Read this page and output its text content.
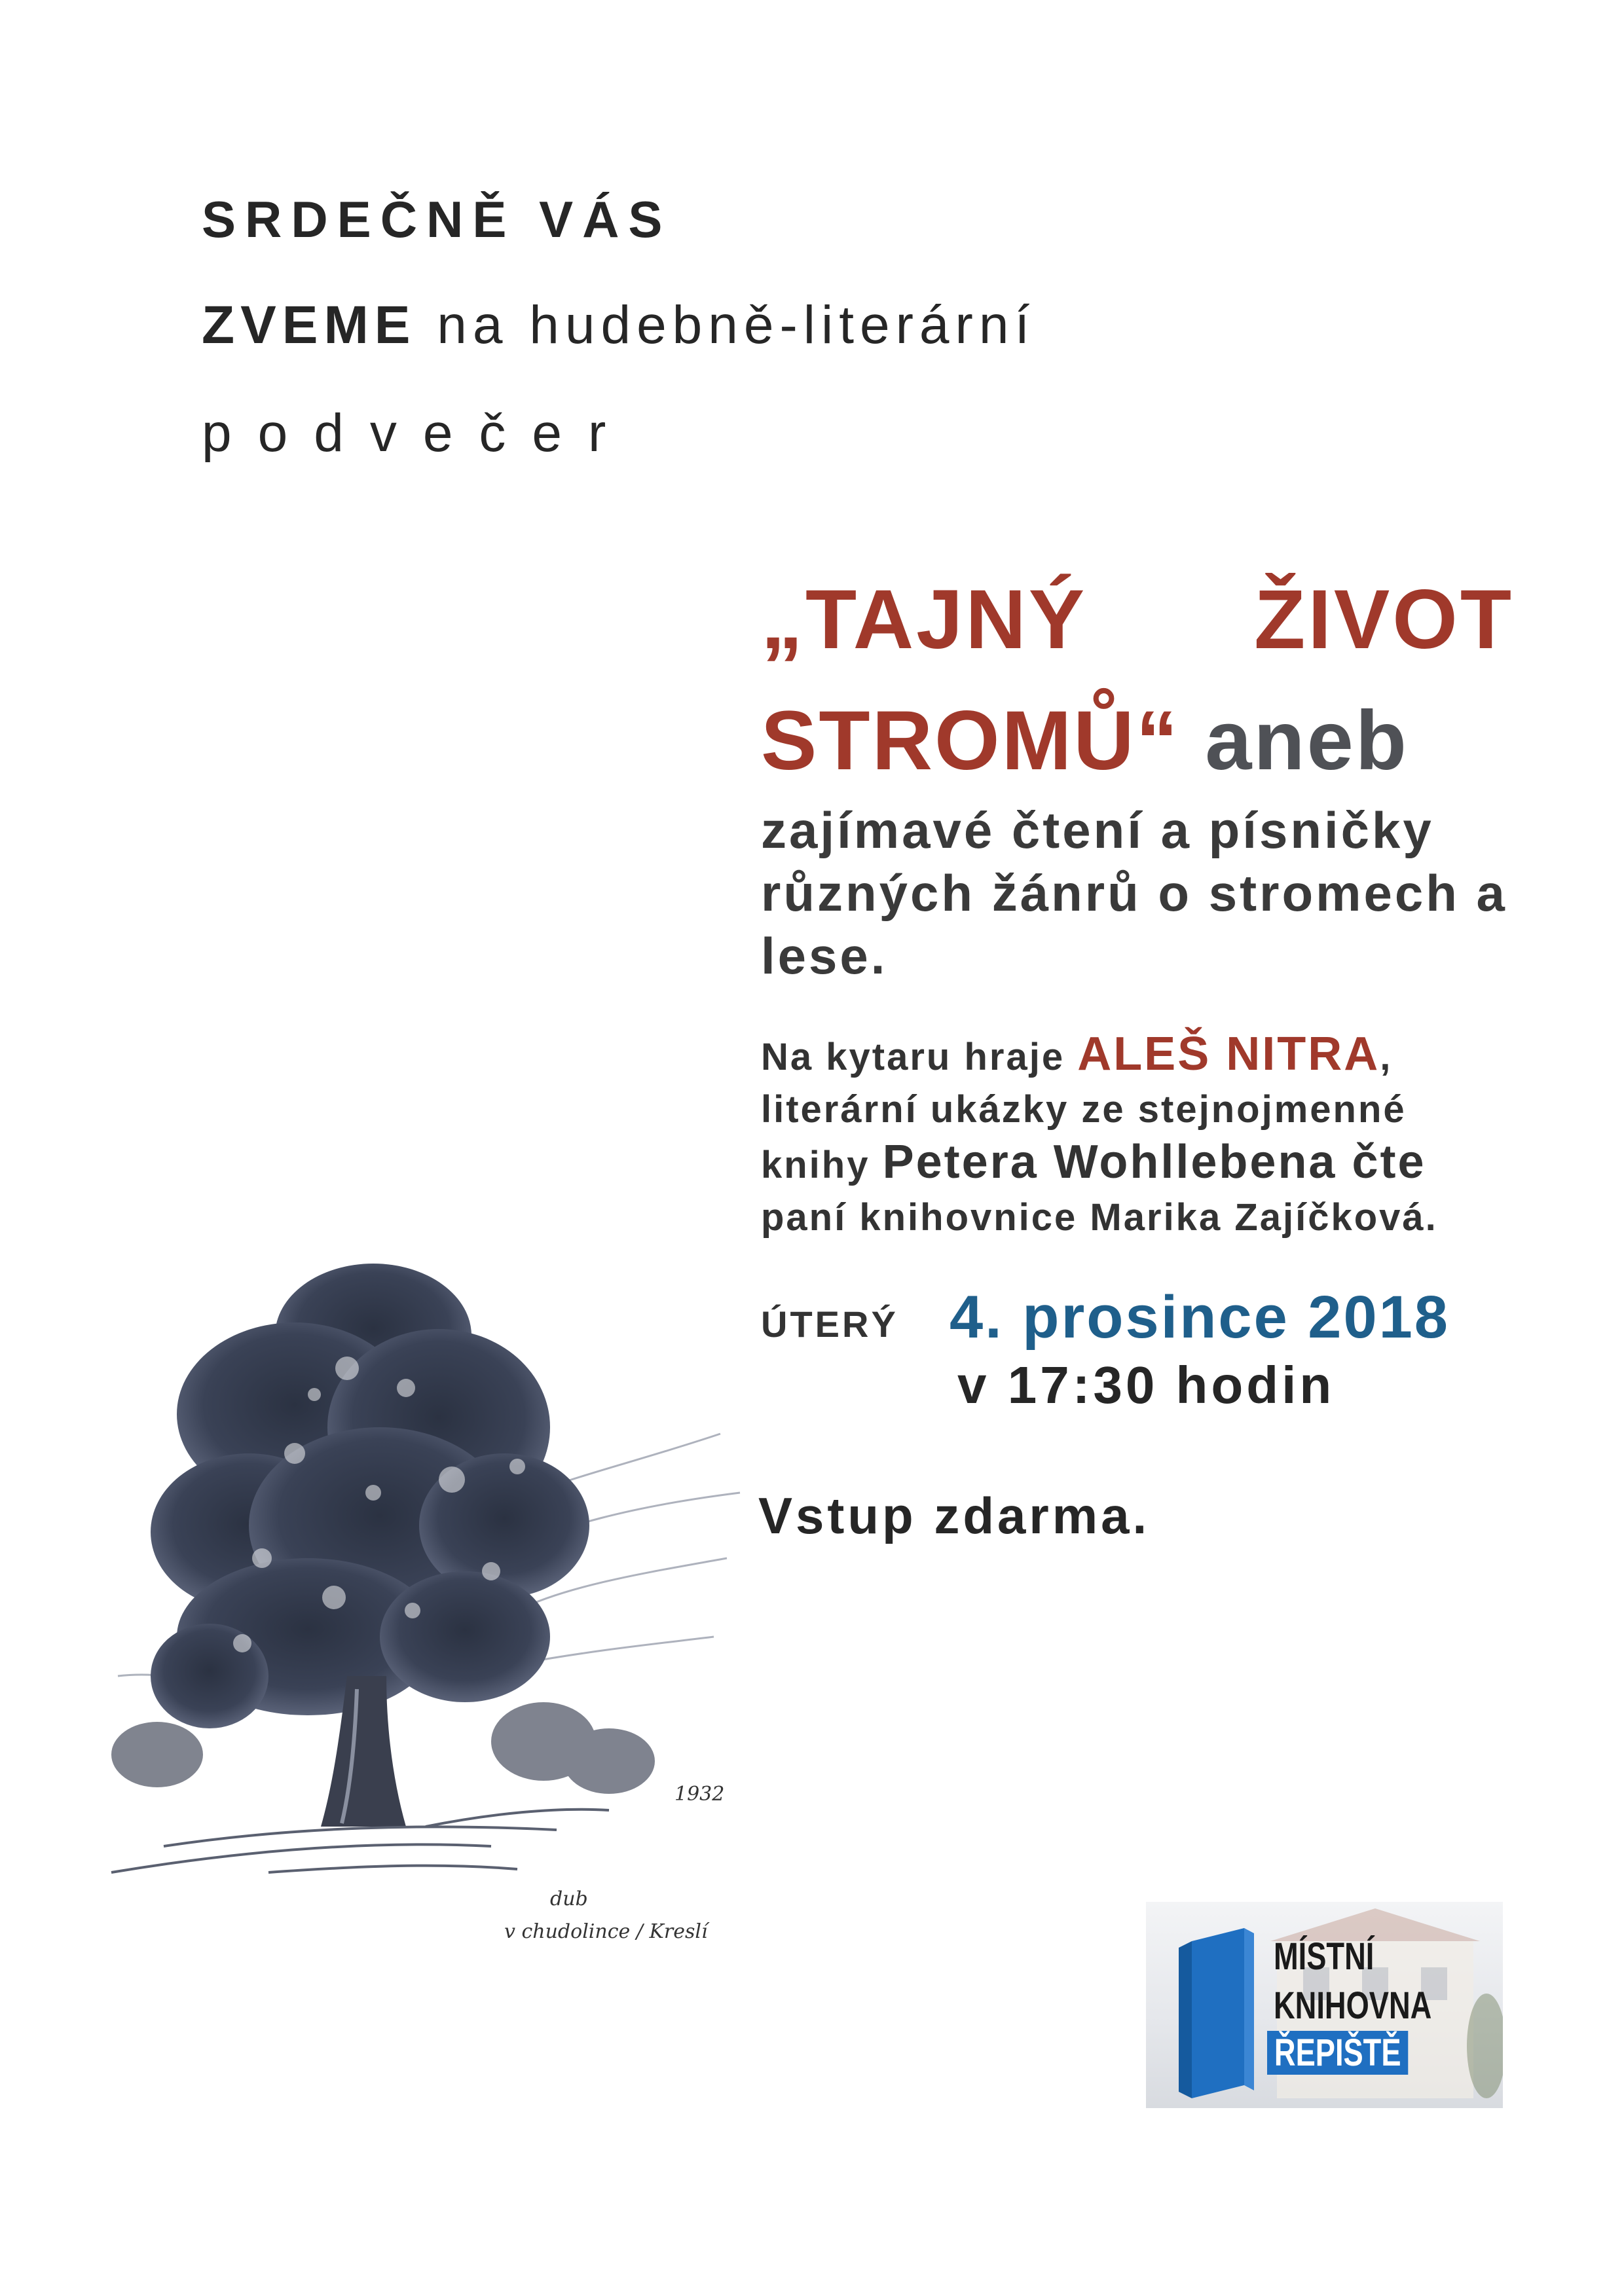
SRDEČNĚ VÁS

ZVEME na hudebně-literární

podvečer

„TAJNÝ ŽIVOT
STROMŮ“ aneb

zajímavé čtení a písničky různých žánrů o stromech a lese.

Na kytaru hraje ALEŠ NITRA,
literární ukázky ze stejnojmenné
knihy Petera Wohllebena čte
paní knihovnice Marika Zajíčková.

ÚTERÝ 4. prosince 2018
v 17:30 hodin

Vstup zdarma.

1932
dub
v chudolince / Kreslí

MÍSTNÍ

KNIHOVNA

ŘEPIŠTĚ
